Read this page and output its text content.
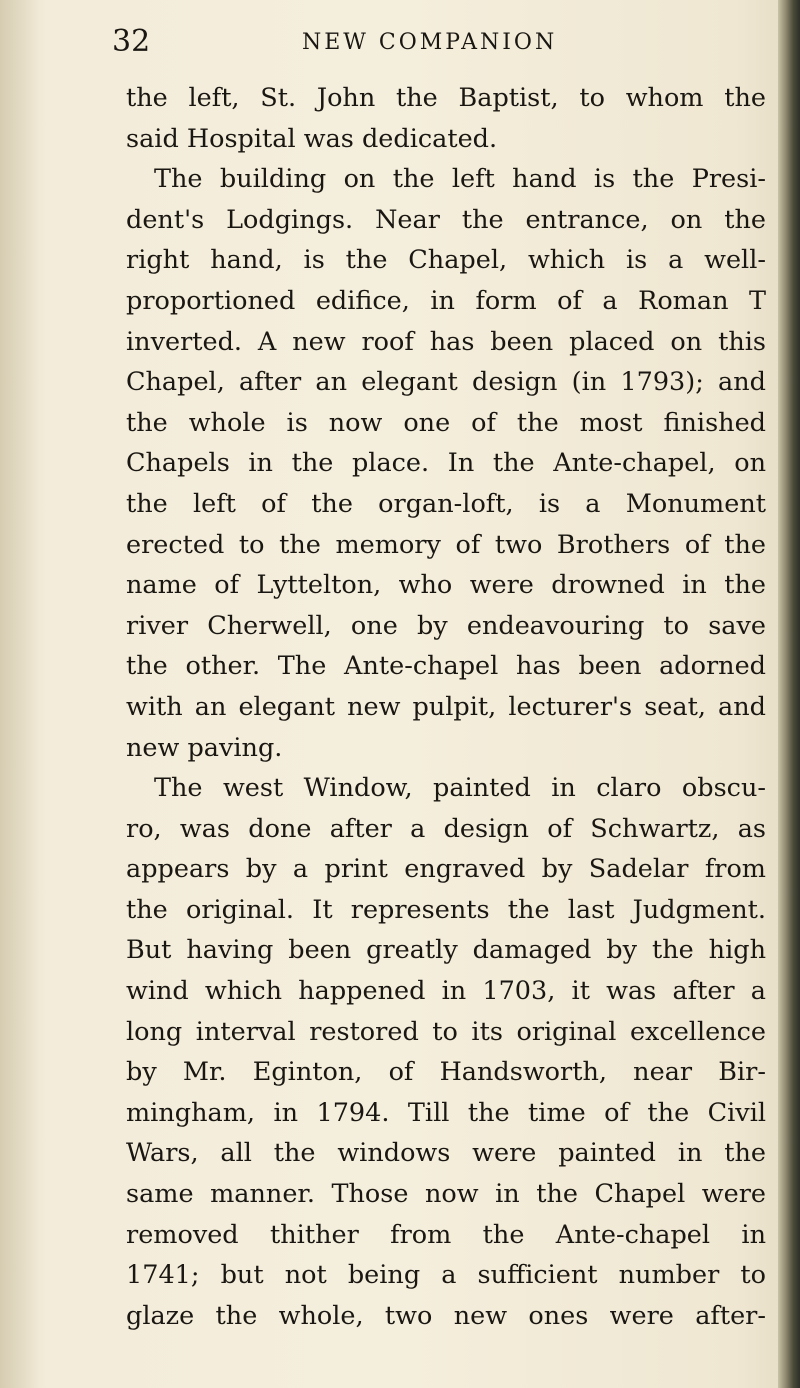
32	NEW COMPANION
the left, St. John the Baptist, to whom the
said Hospital was dedicated.
The building on the left hand is the Presi-
dent's Lodgings. Near the entrance, on the
right hand, is the Chapel, which is a well-
proportioned edifice, in form of a Roman T
inverted. A new roof has been placed on this
Chapel, after an elegant design (in 1793); and
the whole is now one of the most finished
Chapels in the place. In the Ante-chapel, on
the left of the organ-loft, is a Monument
erected to the memory of two Brothers of the
name of Lyttelton, who were drowned in the
river Cherwell, one by endeavouring to save
the other. The Ante-chapel has been adorned
with an elegant new pulpit, lecturer's seat, and
new paving.
The west Window, painted in claro obscu-
ro, was done after a design of Schwartz, as
appears by a print engraved by Sadelar from
the original. It represents the last Judgment.
But having been greatly damaged by the high
wind which happened in 1703, it was after a
long interval restored to its original excellence
by Mr. Eginton, of Handsworth, near Bir-
mingham, in 1794. Till the time of the Civil
Wars, all the windows were painted in the
same manner. Those now in the Chapel were
removed thither from the Ante-chapel in
1741; but not being a sufficient number to
glaze the whole, two new ones were after-
